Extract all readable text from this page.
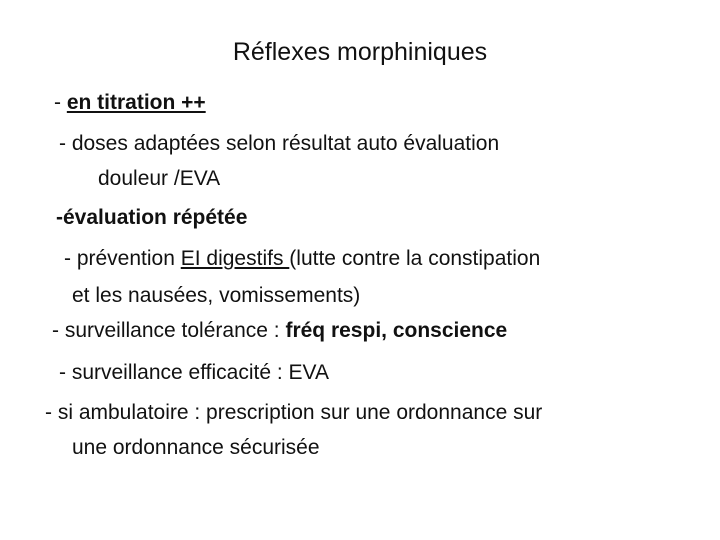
Réflexes morphiniques
- en titration ++
- doses adaptées selon résultat auto évaluation
douleur /EVA
-évaluation répétée
- prévention EI digestifs (lutte contre la constipation
et les nausées, vomissements)
- surveillance tolérance : fréq respi, conscience
- surveillance efficacité : EVA
- si ambulatoire : prescription sur une ordonnance sur
une ordonnance sécurisée
